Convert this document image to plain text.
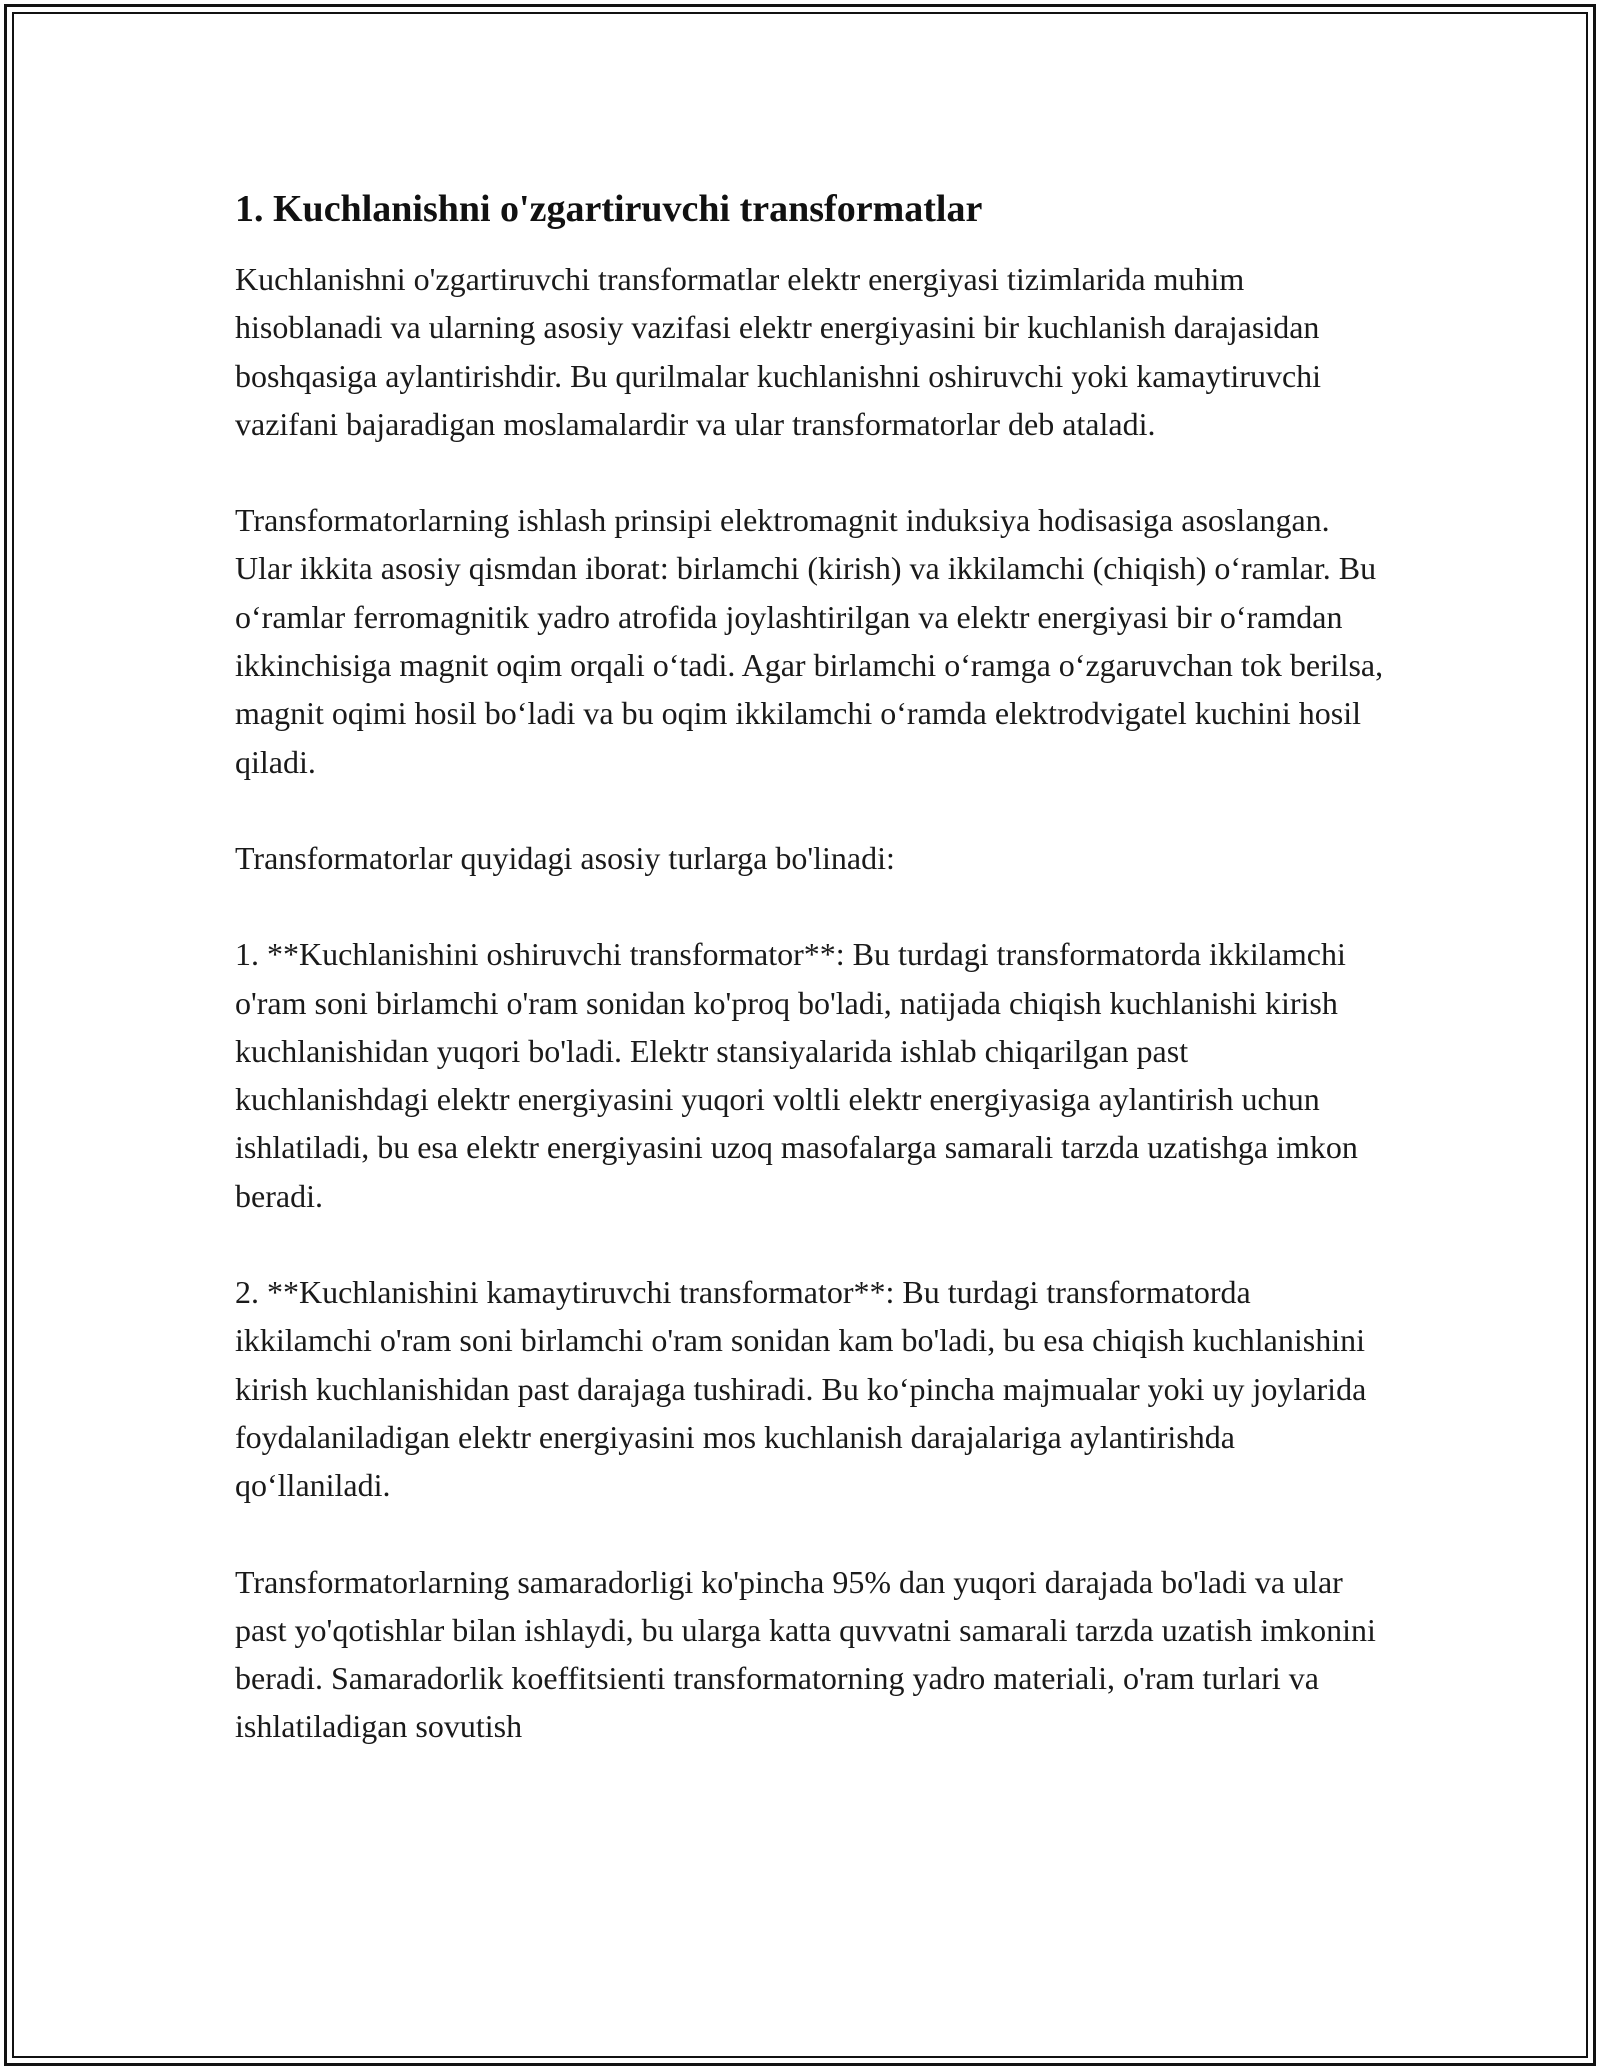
1. Kuchlanishni o'zgartiruvchi transformatlar

Kuchlanishni o'zgartiruvchi transformatlar elektr energiyasi tizimlarida muhim hisoblanadi va ularning asosiy vazifasi elektr energiyasini bir kuchlanish darajasidan boshqasiga aylantirishdir. Bu qurilmalar kuchlanishni oshiruvchi yoki kamaytiruvchi vazifani bajaradigan moslamalardir va ular transformatorlar deb ataladi.

Transformatorlarning ishlash prinsipi elektromagnit induksiya hodisasiga asoslangan. Ular ikkita asosiy qismdan iborat: birlamchi (kirish) va ikkilamchi (chiqish) o‘ramlar. Bu o‘ramlar ferromagnitik yadro atrofida joylashtirilgan va elektr energiyasi bir o‘ramdan ikkinchisiga magnit oqim orqali o‘tadi. Agar birlamchi o‘ramga o‘zgaruvchan tok berilsa, magnit oqimi hosil bo‘ladi va bu oqim ikkilamchi o‘ramda elektrodvigatel kuchini hosil qiladi.

Transformatorlar quyidagi asosiy turlarga bo'linadi:

1. **Kuchlanishini oshiruvchi transformator**: Bu turdagi transformatorda ikkilamchi o'ram soni birlamchi o'ram sonidan ko'proq bo'ladi, natijada chiqish kuchlanishi kirish kuchlanishidan yuqori bo'ladi. Elektr stansiyalarida ishlab chiqarilgan past kuchlanishdagi elektr energiyasini yuqori voltli elektr energiyasiga aylantirish uchun ishlatiladi, bu esa elektr energiyasini uzoq masofalarga samarali tarzda uzatishga imkon beradi.

2. **Kuchlanishini kamaytiruvchi transformator**: Bu turdagi transformatorda ikkilamchi o'ram soni birlamchi o'ram sonidan kam bo'ladi, bu esa chiqish kuchlanishini kirish kuchlanishidan past darajaga tushiradi. Bu ko‘pincha majmualar yoki uy joylarida foydalaniladigan elektr energiyasini mos kuchlanish darajalariga aylantirishda qo‘llaniladi.

Transformatorlarning samaradorligi ko'pincha 95% dan yuqori darajada bo'ladi va ular past yo'qotishlar bilan ishlaydi, bu ularga katta quvvatni samarali tarzda uzatish imkonini beradi. Samaradorlik koeffitsienti transformatorning yadro materiali, o'ram turlari va ishlatiladigan sovutish
